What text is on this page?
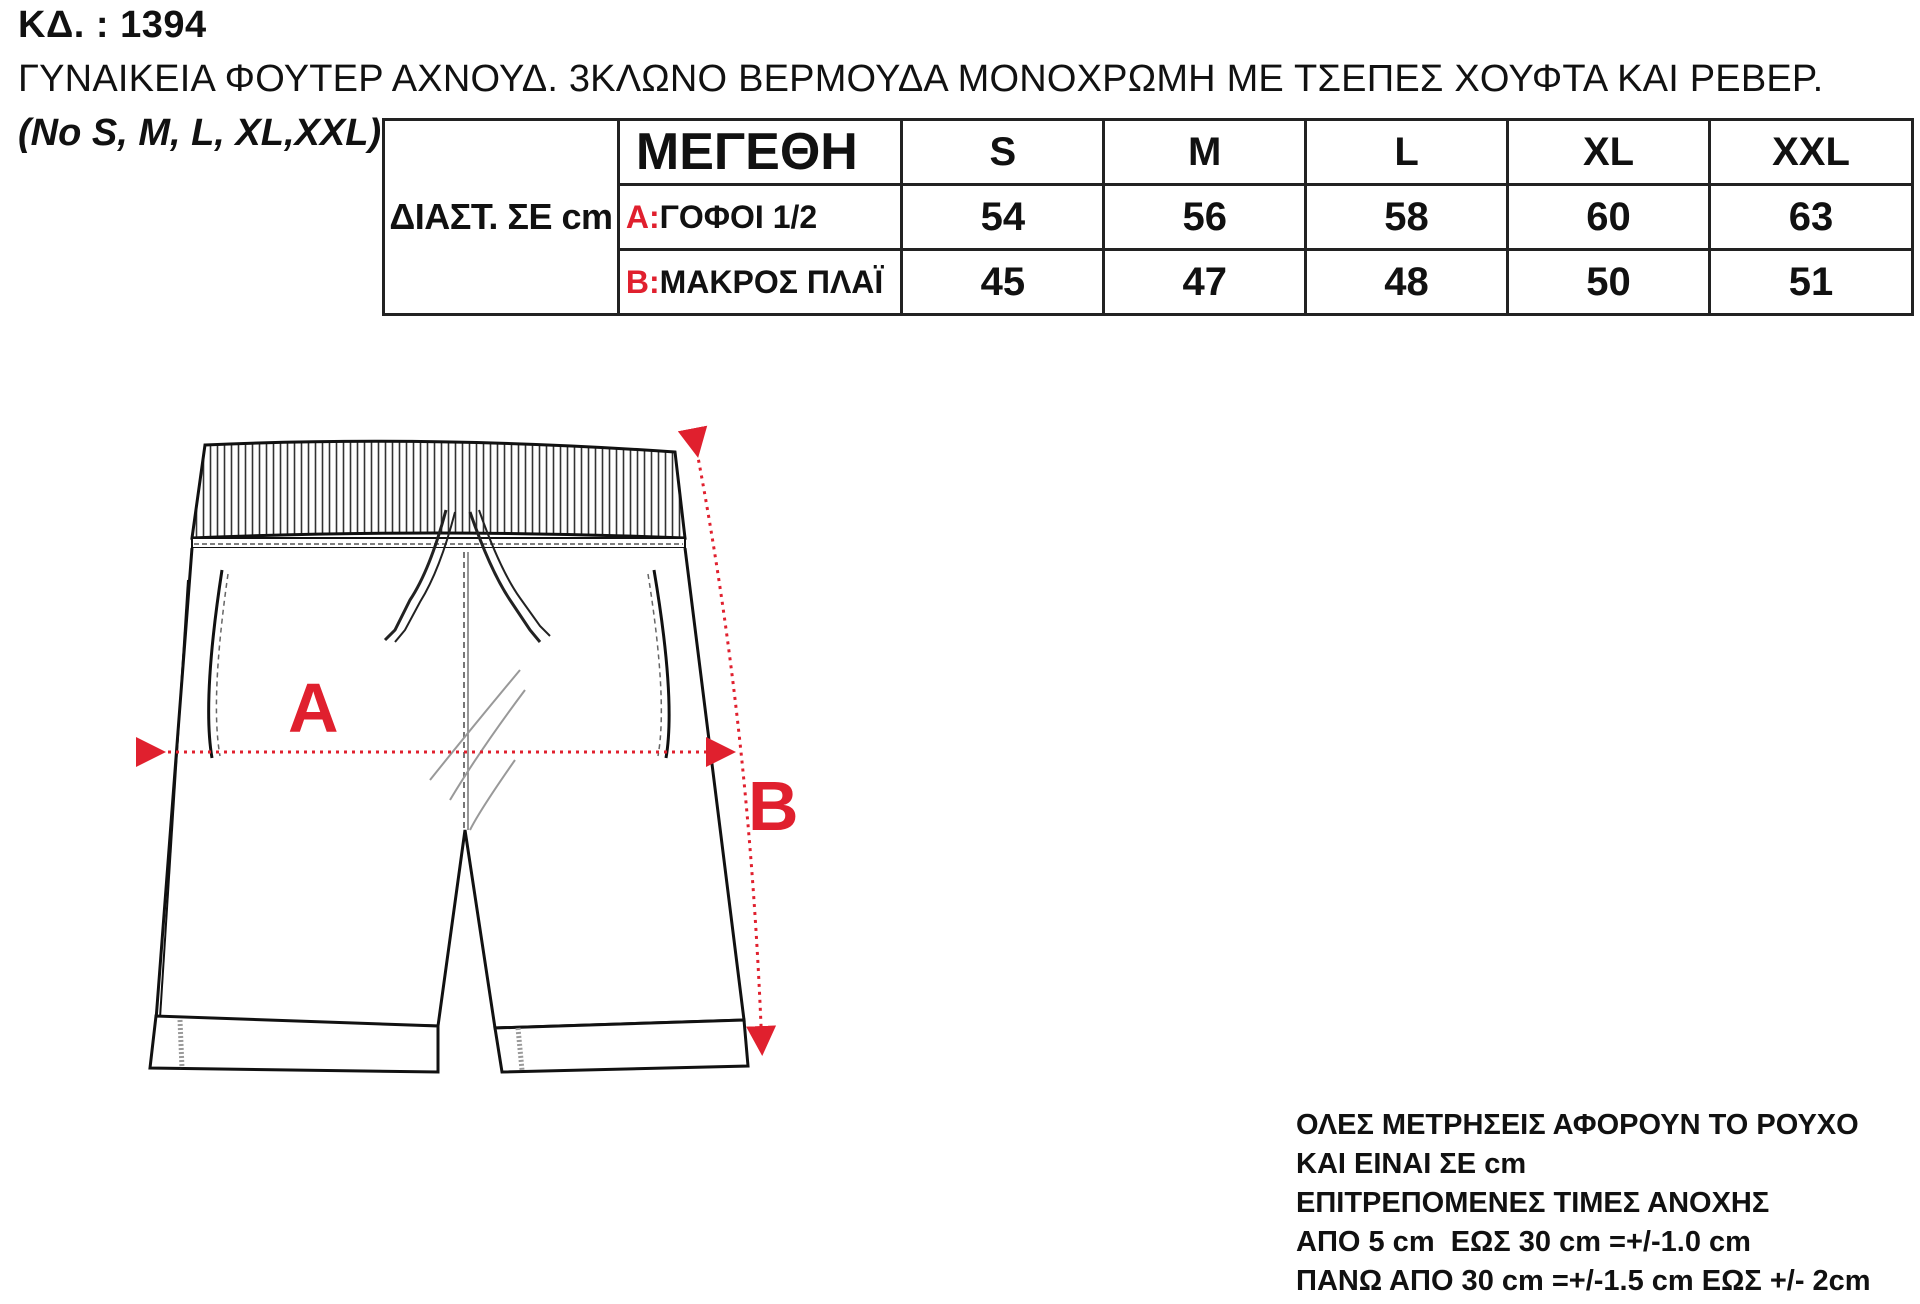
ΚΔ. : 1394
ΓΥΝΑΙΚΕΙΑ ΦΟΥΤΕΡ ΑΧΝΟΥΔ. 3ΚΛΩΝΟ ΒΕΡΜΟΥΔΑ ΜΟΝΟΧΡΩΜΗ ΜΕ ΤΣΕΠΕΣ ΧΟΥΦΤΑ ΚΑΙ ΡΕΒΕΡ.
(No S, M, L, XL,XXL)
ΔΙΑΣΤ. ΣΕ cm	ΜΕΓΕΘΗ	S	M	L	XL	XXL
	A:ΓΟΦΟΙ 1/2	54	56	58	60	63
	B:ΜΑΚΡΟΣ ΠΛΑΪ	45	47	48	50	51
A
B
ΟΛΕΣ ΜΕΤΡΗΣΕΙΣ ΑΦΟΡΟΥΝ ΤΟ ΡΟΥΧΟ
ΚΑΙ ΕΙΝΑΙ ΣΕ cm
ΕΠΙΤΡΕΠΟΜΕΝΕΣ ΤΙΜΕΣ ΑΝΟΧΗΣ
ΑΠΟ 5 cm  ΕΩΣ 30 cm =+/-1.0 cm
ΠΑΝΩ ΑΠΟ 30 cm =+/-1.5 cm ΕΩΣ +/- 2cm
